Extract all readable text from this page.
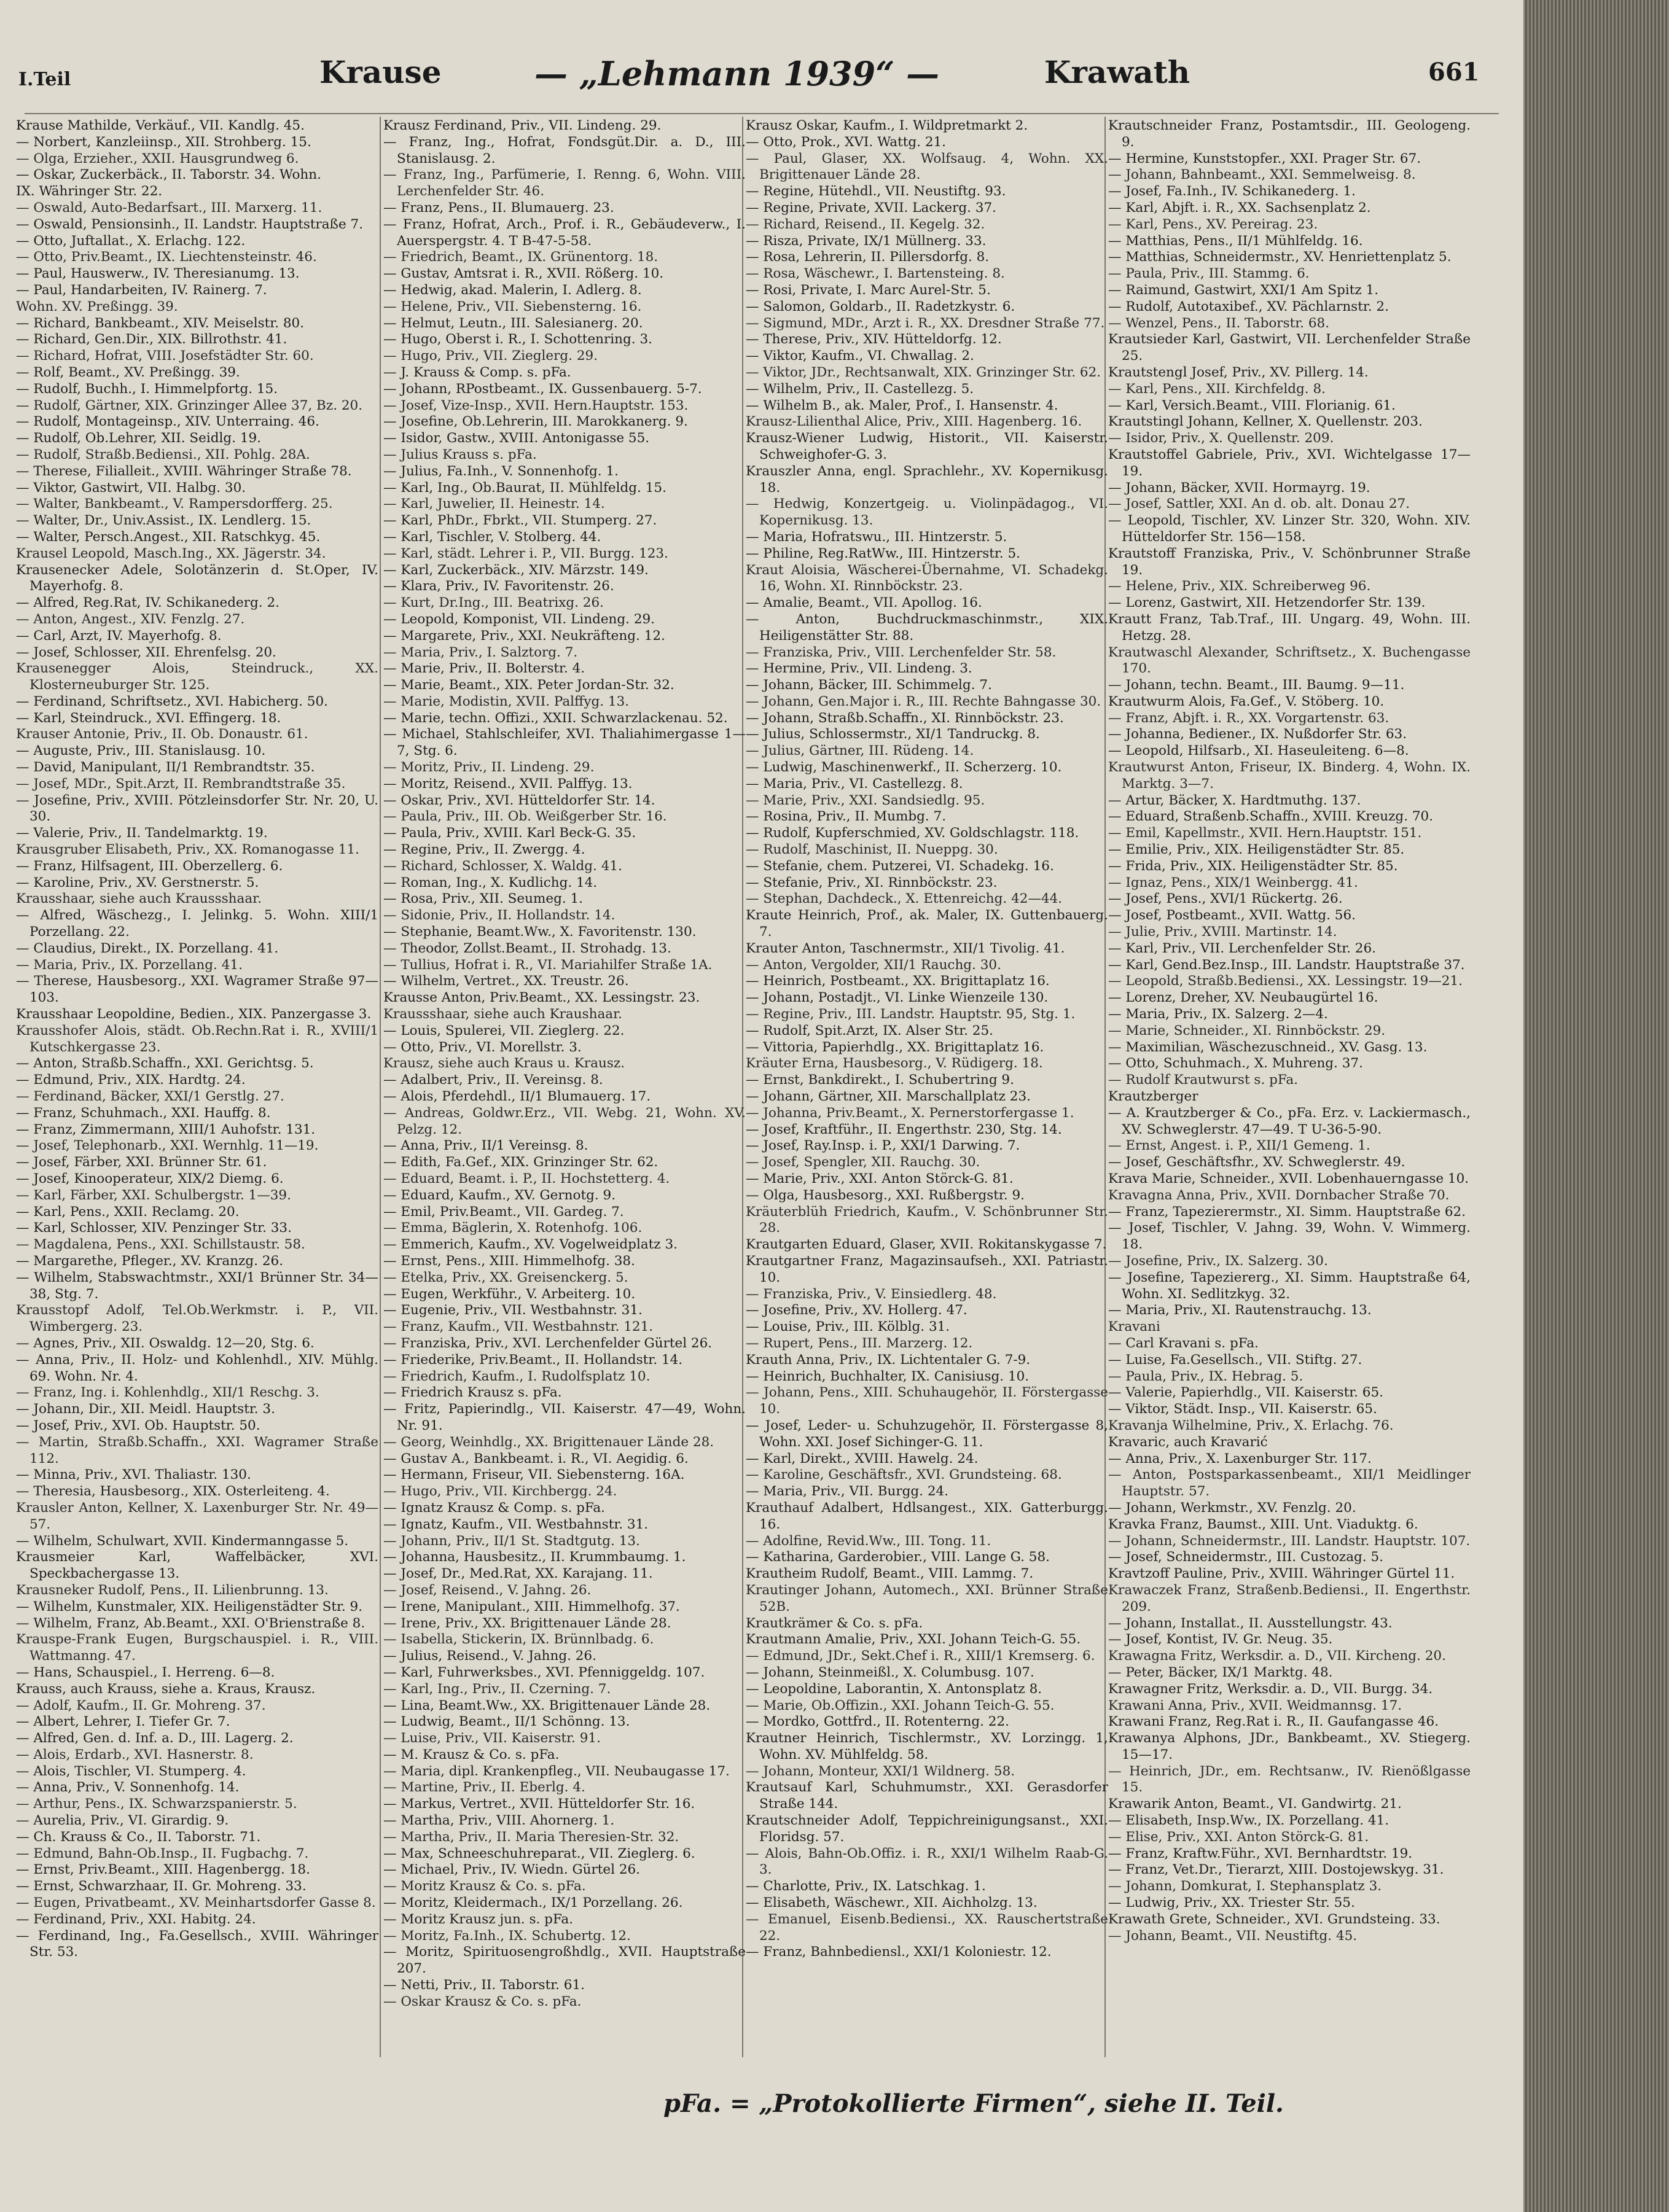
I.Teil	Krause	— „Lehmann 1939“ —	Krawath	661
Krause Mathilde, Verkäuf., VII. Kandlg. 45.
— Norbert, Kanzleiinsp., XII. Strohberg. 15.
— Olga, Erzieher., XXII. Hausgrundweg 6.
— Oskar, Zuckerbäck., II. Taborstr. 34. Wohn.
IX. Währinger Str. 22.
— Oswald, Auto-Bedarfsart., III. Marxerg. 11.
— Oswald, Pensionsinh., II. Landstr. Hauptstraße 7.
— Otto, Juftallat., X. Erlachg. 122.
— Otto, Priv.Beamt., IX. Liechtensteinstr. 46.
— Paul, Hauswerw., IV. Theresianumg. 13.
— Paul, Handarbeiten, IV. Rainerg. 7.
Wohn. XV. Preßingg. 39.
— Richard, Bankbeamt., XIV. Meiselstr. 80.
— Richard, Gen.Dir., XIX. Billrothstr. 41.
— Richard, Hofrat, VIII. Josefstädter Str. 60.
— Rolf, Beamt., XV. Preßingg. 39.
— Rudolf, Buchh., I. Himmelpfortg. 15.
— Rudolf, Gärtner, XIX. Grinzinger Allee 37, Bz. 20.
— Rudolf, Montageinsp., XIV. Unterraing. 46.
— Rudolf, Ob.Lehrer, XII. Seidlg. 19.
— Rudolf, Straßb.Bediensi., XII. Pohlg. 28A.
— Therese, Filialleit., XVIII. Währinger Straße 78.
— Viktor, Gastwirt, VII. Halbg. 30.
— Walter, Bankbeamt., V. Rampersdorfferg. 25.
— Walter, Dr., Univ.Assist., IX. Lendlerg. 15.
— Walter, Persch.Angest., XII. Ratschkyg. 45.
Krausel Leopold, Masch.Ing., XX. Jägerstr. 34.
Krausenecker Adele, Solotänzerin d. St.Oper, IV. Mayerhofg. 8.
— Alfred, Reg.Rat, IV. Schikanederg. 2.
— Anton, Angest., XIV. Fenzlg. 27.
— Carl, Arzt, IV. Mayerhofg. 8.
— Josef, Schlosser, XII. Ehrenfelsg. 20.
Krausenegger Alois, Steindruck., XX. Klosterneuburger Str. 125.
— Ferdinand, Schriftsetz., XVI. Habicherg. 50.
— Karl, Steindruck., XVI. Effingerg. 18.
Krauser Antonie, Priv., II. Ob. Donaustr. 61.
— Auguste, Priv., III. Stanislausg. 10.
— David, Manipulant, II/1 Rembrandtstr. 35.
— Josef, MDr., Spit.Arzt, II. Rembrandtstraße 35.
— Josefine, Priv., XVIII. Pötzleinsdorfer Str. Nr. 20, U. 30.
— Valerie, Priv., II. Tandelmarktg. 19.
Krausgruber Elisabeth, Priv., XX. Romanogasse 11.
— Franz, Hilfsagent, III. Oberzellerg. 6.
— Karoline, Priv., XV. Gerstnerstr. 5.
Krausshaar, siehe auch Kraussshaar.
— Alfred, Wäschezg., I. Jelinkg. 5. Wohn. XIII/1 Porzellang. 22.
— Claudius, Direkt., IX. Porzellang. 41.
— Maria, Priv., IX. Porzellang. 41.
— Therese, Hausbesorg., XXI. Wagramer Straße 97—103.
Krausshaar Leopoldine, Bedien., XIX. Panzergasse 3.
Krausshofer Alois, städt. Ob.Rechn.Rat i. R., XVIII/1 Kutschkergasse 23.
— Anton, Straßb.Schaffn., XXI. Gerichtsg. 5.
— Edmund, Priv., XIX. Hardtg. 24.
— Ferdinand, Bäcker, XXI/1 Gerstlg. 27.
— Franz, Schuhmach., XXI. Hauffg. 8.
— Franz, Zimmermann, XIII/1 Auhofstr. 131.
— Josef, Telephonarb., XXI. Wernhlg. 11—19.
— Josef, Färber, XXI. Brünner Str. 61.
— Josef, Kinooperateur, XIX/2 Diemg. 6.
— Karl, Färber, XXI. Schulbergstr. 1—39.
— Karl, Pens., XXII. Reclamg. 20.
— Karl, Schlosser, XIV. Penzinger Str. 33.
— Magdalena, Pens., XXI. Schillstaustr. 58.
— Margarethe, Pfleger., XV. Kranzg. 26.
— Wilhelm, Stabswachtmstr., XXI/1 Brünner Str. 34—38, Stg. 7.
Krausstopf Adolf, Tel.Ob.Werkmstr. i. P., VII. Wimbergerg. 23.
— Agnes, Priv., XII. Oswaldg. 12—20, Stg. 6.
— Anna, Priv., II. Holz- und Kohlenhdl., XIV. Mühlg. 69. Wohn. Nr. 4.
— Franz, Ing. i. Kohlenhdlg., XII/1 Reschg. 3.
— Johann, Dir., XII. Meidl. Hauptstr. 3.
— Josef, Priv., XVI. Ob. Hauptstr. 50.
— Martin, Straßb.Schaffn., XXI. Wagramer Straße 112.
— Minna, Priv., XVI. Thaliastr. 130.
— Theresia, Hausbesorg., XIX. Osterleiteng. 4.
Krausler Anton, Kellner, X. Laxenburger Str. Nr. 49—57.
— Wilhelm, Schulwart, XVII. Kindermanngasse 5.
Krausmeier Karl, Waffelbäcker, XVI. Speckbachergasse 13.
Krausneker Rudolf, Pens., II. Lilienbrunng. 13.
— Wilhelm, Kunstmaler, XIX. Heiligenstädter Str. 9.
— Wilhelm, Franz, Ab.Beamt., XXI. O'Brienstraße 8.
Krauspe-Frank Eugen, Burgschauspiel. i. R., VIII. Wattmanng. 47.
— Hans, Schauspiel., I. Herreng. 6—8.
Krauss, auch Krauss, siehe a. Kraus, Krausz.
— Adolf, Kaufm., II. Gr. Mohreng. 37.
— Albert, Lehrer, I. Tiefer Gr. 7.
— Alfred, Gen. d. Inf. a. D., III. Lagerg. 2.
— Alois, Erdarb., XVI. Hasnerstr. 8.
— Alois, Tischler, VI. Stumperg. 4.
— Anna, Priv., V. Sonnenhofg. 14.
— Arthur, Pens., IX. Schwarzspanierstr. 5.
— Aurelia, Priv., VI. Girardig. 9.
— Ch. Krauss & Co., II. Taborstr. 71.
— Edmund, Bahn-Ob.Insp., II. Fugbachg. 7.
— Ernst, Priv.Beamt., XIII. Hagenbergg. 18.
— Ernst, Schwarzhaar, II. Gr. Mohreng. 33.
— Eugen, Privatbeamt., XV. Meinhartsdorfer Gasse 8.
— Ferdinand, Priv., XXI. Habitg. 24.
— Ferdinand, Ing., Fa.Gesellsch., XVIII. Währinger Str. 53.
Krausz Ferdinand, Priv., VII. Lindeng. 29.
— Franz, Ing., Hofrat, Fondsgüt.Dir. a. D., III. Stanislausg. 2.
— Franz, Ing., Parfümerie, I. Renng. 6, Wohn. VIII. Lerchenfelder Str. 46.
— Franz, Pens., II. Blumauerg. 23.
— Franz, Hofrat, Arch., Prof. i. R., Gebäudeverw., I. Auerspergstr. 4. T B-47-5-58.
— Friedrich, Beamt., IX. Grünentorg. 18.
— Gustav, Amtsrat i. R., XVII. Rößerg. 10.
— Hedwig, akad. Malerin, I. Adlerg. 8.
— Helene, Priv., VII. Siebensterng. 16.
— Helmut, Leutn., III. Salesianerg. 20.
— Hugo, Oberst i. R., I. Schottenring. 3.
— Hugo, Priv., VII. Zieglerg. 29.
— J. Krauss & Comp. s. pFa.
— Johann, RPostbeamt., IX. Gussenbauerg. 5-7.
— Josef, Vize-Insp., XVII. Hern.Hauptstr. 153.
— Josefine, Ob.Lehrerin, III. Marokkanerg. 9.
— Isidor, Gastw., XVIII. Antonigasse 55.
— Julius Krauss s. pFa.
— Julius, Fa.Inh., V. Sonnenhofg. 1.
— Karl, Ing., Ob.Baurat, II. Mühlfeldg. 15.
— Karl, Juwelier, II. Heinestr. 14.
— Karl, PhDr., Fbrkt., VII. Stumperg. 27.
— Karl, Tischler, V. Stolberg. 44.
— Karl, städt. Lehrer i. P., VII. Burgg. 123.
— Karl, Zuckerbäck., XIV. Märzstr. 149.
— Klara, Priv., IV. Favoritenstr. 26.
— Kurt, Dr.Ing., III. Beatrixg. 26.
— Leopold, Komponist, VII. Lindeng. 29.
— Margarete, Priv., XXI. Neukräfteng. 12.
— Maria, Priv., I. Salztorg. 7.
— Marie, Priv., II. Bolterstr. 4.
— Marie, Beamt., XIX. Peter Jordan-Str. 32.
— Marie, Modistin, XVII. Palffyg. 13.
— Marie, techn. Offizi., XXII. Schwarzlackenau. 52.
— Michael, Stahlschleifer, XVI. Thaliahimergasse 1—7, Stg. 6.
— Moritz, Priv., II. Lindeng. 29.
— Moritz, Reisend., XVII. Palffyg. 13.
— Oskar, Priv., XVI. Hütteldorfer Str. 14.
— Paula, Priv., III. Ob. Weißgerber Str. 16.
— Paula, Priv., XVIII. Karl Beck-G. 35.
— Regine, Priv., II. Zwergg. 4.
— Richard, Schlosser, X. Waldg. 41.
— Roman, Ing., X. Kudlichg. 14.
— Rosa, Priv., XII. Seumeg. 1.
— Sidonie, Priv., II. Hollandstr. 14.
— Stephanie, Beamt.Ww., X. Favoritenstr. 130.
— Theodor, Zollst.Beamt., II. Strohadg. 13.
— Tullius, Hofrat i. R., VI. Mariahilfer Straße 1A.
— Wilhelm, Vertret., XX. Treustr. 26.
Krausse Anton, Priv.Beamt., XX. Lessingstr. 23.
Kraussshaar, siehe auch Kraushaar.
— Louis, Spulerei, VII. Zieglerg. 22.
— Otto, Priv., VI. Morellstr. 3.
Krausz, siehe auch Kraus u. Krausz.
— Adalbert, Priv., II. Vereinsg. 8.
— Alois, Pferdehdl., II/1 Blumauerg. 17.
— Andreas, Goldwr.Erz., VII. Webg. 21, Wohn. XV. Pelzg. 12.
— Anna, Priv., II/1 Vereinsg. 8.
— Edith, Fa.Gef., XIX. Grinzinger Str. 62.
— Eduard, Beamt. i. P., II. Hochstetterg. 4.
— Eduard, Kaufm., XV. Gernotg. 9.
— Emil, Priv.Beamt., VII. Gardeg. 7.
— Emma, Bäglerin, X. Rotenhofg. 106.
— Emmerich, Kaufm., XV. Vogelweidplatz 3.
— Ernst, Pens., XIII. Himmelhofg. 38.
— Etelka, Priv., XX. Greisenckerg. 5.
— Eugen, Werkführ., V. Arbeiterg. 10.
— Eugenie, Priv., VII. Westbahnstr. 31.
— Franz, Kaufm., VII. Westbahnstr. 121.
— Franziska, Priv., XVI. Lerchenfelder Gürtel 26.
— Friederike, Priv.Beamt., II. Hollandstr. 14.
— Friedrich, Kaufm., I. Rudolfsplatz 10.
— Friedrich Krausz s. pFa.
— Fritz, Papierindlg., VII. Kaiserstr. 47—49, Wohn. Nr. 91.
— Georg, Weinhdlg., XX. Brigittenauer Lände 28.
— Gustav A., Bankbeamt. i. R., VI. Aegidig. 6.
— Hermann, Friseur, VII. Siebensterng. 16A.
— Hugo, Priv., VII. Kirchbergg. 24.
— Ignatz Krausz & Comp. s. pFa.
— Ignatz, Kaufm., VII. Westbahnstr. 31.
— Johann, Priv., II/1 St. Stadtgutg. 13.
— Johanna, Hausbesitz., II. Krummbaumg. 1.
— Josef, Dr., Med.Rat, XX. Karajang. 11.
— Josef, Reisend., V. Jahng. 26.
— Irene, Manipulant., XIII. Himmelhofg. 37.
— Irene, Priv., XX. Brigittenauer Lände 28.
— Isabella, Stickerin, IX. Brünnlbadg. 6.
— Julius, Reisend., V. Jahng. 26.
— Karl, Fuhrwerksbes., XVI. Pfenniggeldg. 107.
— Karl, Ing., Priv., II. Czerning. 7.
— Lina, Beamt.Ww., XX. Brigittenauer Lände 28.
— Ludwig, Beamt., II/1 Schönng. 13.
— Luise, Priv., VII. Kaiserstr. 91.
— M. Krausz & Co. s. pFa.
— Maria, dipl. Krankenpfleg., VII. Neubaugasse 17.
— Martine, Priv., II. Eberlg. 4.
— Markus, Vertret., XVII. Hütteldorfer Str. 16.
— Martha, Priv., VIII. Ahornerg. 1.
— Martha, Priv., II. Maria Theresien-Str. 32.
— Max, Schneeschuhreparat., VII. Zieglerg. 6.
— Michael, Priv., IV. Wiedn. Gürtel 26.
— Moritz Krausz & Co. s. pFa.
— Moritz, Kleidermach., IX/1 Porzellang. 26.
— Moritz Krausz jun. s. pFa.
— Moritz, Fa.Inh., IX. Schubertg. 12.
— Moritz, Spirituosengroßhdlg., XVII. Hauptstraße 207.
— Netti, Priv., II. Taborstr. 61.
— Oskar Krausz & Co. s. pFa.
Krausz Oskar, Kaufm., I. Wildpretmarkt 2.
— Otto, Prok., XVI. Wattg. 21.
— Paul, Glaser, XX. Wolfsaug. 4, Wohn. XX. Brigittenauer Lände 28.
— Regine, Hütehdl., VII. Neustiftg. 93.
— Regine, Private, XVII. Lackerg. 37.
— Richard, Reisend., II. Kegelg. 32.
— Risza, Private, IX/1 Müllnerg. 33.
— Rosa, Lehrerin, II. Pillersdorfg. 8.
— Rosa, Wäschewr., I. Bartensteing. 8.
— Rosi, Private, I. Marc Aurel-Str. 5.
— Salomon, Goldarb., II. Radetzkystr. 6.
— Sigmund, MDr., Arzt i. R., XX. Dresdner Straße 77.
— Therese, Priv., XIV. Hütteldorfg. 12.
— Viktor, Kaufm., VI. Chwallag. 2.
— Viktor, JDr., Rechtsanwalt, XIX. Grinzinger Str. 62.
— Wilhelm, Priv., II. Castellezg. 5.
— Wilhelm B., ak. Maler, Prof., I. Hansenstr. 4.
Krausz-Lilienthal Alice, Priv., XIII. Hagenberg. 16.
Krausz-Wiener Ludwig, Historit., VII. Kaiserstr. Schweighofer-G. 3.
Krauszler Anna, engl. Sprachlehr., XV. Kopernikusg. 18.
— Hedwig, Konzertgeig. u. Violinpädagog., VI. Kopernikusg. 13.
— Maria, Hofratswu., III. Hintzerstr. 5.
— Philine, Reg.RatWw., III. Hintzerstr. 5.
Kraut Aloisia, Wäscherei-Übernahme, VI. Schadekg. 16, Wohn. XI. Rinnböckstr. 23.
— Amalie, Beamt., VII. Apollog. 16.
— Anton, Buchdruckmaschinmstr., XIX. Heiligenstätter Str. 88.
— Franziska, Priv., VIII. Lerchenfelder Str. 58.
— Hermine, Priv., VII. Lindeng. 3.
— Johann, Bäcker, III. Schimmelg. 7.
— Johann, Gen.Major i. R., III. Rechte Bahngasse 30.
— Johann, Straßb.Schaffn., XI. Rinnböckstr. 23.
— Julius, Schlossermstr., XI/1 Tandruckg. 8.
— Julius, Gärtner, III. Rüdeng. 14.
— Ludwig, Maschinenwerkf., II. Scherzerg. 10.
— Maria, Priv., VI. Castellezg. 8.
— Marie, Priv., XXI. Sandsiedlg. 95.
— Rosina, Priv., II. Mumbg. 7.
— Rudolf, Kupferschmied, XV. Goldschlagstr. 118.
— Rudolf, Maschinist, II. Nueppg. 30.
— Stefanie, chem. Putzerei, VI. Schadekg. 16.
— Stefanie, Priv., XI. Rinnböckstr. 23.
— Stephan, Dachdeck., X. Ettenreichg. 42—44.
Kraute Heinrich, Prof., ak. Maler, IX. Guttenbauerg. 7.
Krauter Anton, Taschnermstr., XII/1 Tivolig. 41.
— Anton, Vergolder, XII/1 Rauchg. 30.
— Heinrich, Postbeamt., XX. Brigittaplatz 16.
— Johann, Postadjt., VI. Linke Wienzeile 130.
— Regine, Priv., III. Landstr. Hauptstr. 95, Stg. 1.
— Rudolf, Spit.Arzt, IX. Alser Str. 25.
— Vittoria, Papierhdlg., XX. Brigittaplatz 16.
Kräuter Erna, Hausbesorg., V. Rüdigerg. 18.
— Ernst, Bankdirekt., I. Schubertring 9.
— Johann, Gärtner, XII. Marschallplatz 23.
— Johanna, Priv.Beamt., X. Pernerstorfergasse 1.
— Josef, Kraftführ., II. Engerthstr. 230, Stg. 14.
— Josef, Ray.Insp. i. P., XXI/1 Darwing. 7.
— Josef, Spengler, XII. Rauchg. 30.
— Marie, Priv., XXI. Anton Störck-G. 81.
— Olga, Hausbesorg., XXI. Rußbergstr. 9.
Kräuterblüh Friedrich, Kaufm., V. Schönbrunner Str. 28.
Krautgarten Eduard, Glaser, XVII. Rokitanskygasse 7.
Krautgartner Franz, Magazinsaufseh., XXI. Patriastr. 10.
— Franziska, Priv., V. Einsiedlerg. 48.
— Josefine, Priv., XV. Hollerg. 47.
— Louise, Priv., III. Kölblg. 31.
— Rupert, Pens., III. Marzerg. 12.
Krauth Anna, Priv., IX. Lichtentaler G. 7-9.
— Heinrich, Buchhalter, IX. Canisiusg. 10.
— Johann, Pens., XIII. Schuhaugehör, II. Förstergasse 10.
— Josef, Leder- u. Schuhzugehör, II. Förstergasse 8, Wohn. XXI. Josef Sichinger-G. 11.
— Karl, Direkt., XVIII. Hawelg. 24.
— Karoline, Geschäftsfr., XVI. Grundsteing. 68.
— Maria, Priv., VII. Burgg. 24.
Krauthauf Adalbert, Hdlsangest., XIX. Gatterburgg. 16.
— Adolfine, Revid.Ww., III. Tong. 11.
— Katharina, Garderobier., VIII. Lange G. 58.
Krautheim Rudolf, Beamt., VIII. Lammg. 7.
Krautinger Johann, Automech., XXI. Brünner Straße 52B.
Krautkrämer & Co. s. pFa.
Krautmann Amalie, Priv., XXI. Johann Teich-G. 55.
— Edmund, JDr., Sekt.Chef i. R., XIII/1 Kremserg. 6.
— Johann, Steinmeißl., X. Columbusg. 107.
— Leopoldine, Laborantin, X. Antonsplatz 8.
— Marie, Ob.Offizin., XXI. Johann Teich-G. 55.
— Mordko, Gottfrd., II. Rotenterng. 22.
Krautner Heinrich, Tischlermstr., XV. Lorzingg. 1, Wohn. XV. Mühlfeldg. 58.
— Johann, Monteur, XXI/1 Wildnerg. 58.
Krautsauf Karl, Schuhmumstr., XXI. Gerasdorfer Straße 144.
Krautschneider Adolf, Teppichreinigungsanst., XXI. Floridsg. 57.
— Alois, Bahn-Ob.Offiz. i. R., XXI/1 Wilhelm Raab-G. 3.
— Charlotte, Priv., IX. Latschkag. 1.
— Elisabeth, Wäschewr., XII. Aichholzg. 13.
— Emanuel, Eisenb.Bediensi., XX. Rauschertstraße 22.
— Franz, Bahnbediensl., XXI/1 Koloniestr. 12.
Krautschneider Franz, Postamtsdir., III. Geologeng. 9.
— Hermine, Kunststopfer., XXI. Prager Str. 67.
— Johann, Bahnbeamt., XXI. Semmelweisg. 8.
— Josef, Fa.Inh., IV. Schikanederg. 1.
— Karl, Abjft. i. R., XX. Sachsenplatz 2.
— Karl, Pens., XV. Pereirag. 23.
— Matthias, Pens., II/1 Mühlfeldg. 16.
— Matthias, Schneidermstr., XV. Henriettenplatz 5.
— Paula, Priv., III. Stammg. 6.
— Raimund, Gastwirt, XXI/1 Am Spitz 1.
— Rudolf, Autotaxibef., XV. Pächlarnstr. 2.
— Wenzel, Pens., II. Taborstr. 68.
Krautsieder Karl, Gastwirt, VII. Lerchenfelder Straße 25.
Krautstengl Josef, Priv., XV. Pillerg. 14.
— Karl, Pens., XII. Kirchfeldg. 8.
— Karl, Versich.Beamt., VIII. Florianig. 61.
Krautstingl Johann, Kellner, X. Quellenstr. 203.
— Isidor, Priv., X. Quellenstr. 209.
Krautstoffel Gabriele, Priv., XVI. Wichtelgasse 17—19.
— Johann, Bäcker, XVII. Hormayrg. 19.
— Josef, Sattler, XXI. An d. ob. alt. Donau 27.
— Leopold, Tischler, XV. Linzer Str. 320, Wohn. XIV. Hütteldorfer Str. 156—158.
Krautstoff Franziska, Priv., V. Schönbrunner Straße 19.
— Helene, Priv., XIX. Schreiberweg 96.
— Lorenz, Gastwirt, XII. Hetzendorfer Str. 139.
Krautt Franz, Tab.Traf., III. Ungarg. 49, Wohn. III. Hetzg. 28.
Krautwaschl Alexander, Schriftsetz., X. Buchengasse 170.
— Johann, techn. Beamt., III. Baumg. 9—11.
Krautwurm Alois, Fa.Gef., V. Stöberg. 10.
— Franz, Abjft. i. R., XX. Vorgartenstr. 63.
— Johanna, Bediener., IX. Nußdorfer Str. 63.
— Leopold, Hilfsarb., XI. Haseuleiteng. 6—8.
Krautwurst Anton, Friseur, IX. Binderg. 4, Wohn. IX. Marktg. 3—7.
— Artur, Bäcker, X. Hardtmuthg. 137.
— Eduard, Straßenb.Schaffn., XVIII. Kreuzg. 70.
— Emil, Kapellmstr., XVII. Hern.Hauptstr. 151.
— Emilie, Priv., XIX. Heiligenstädter Str. 85.
— Frida, Priv., XIX. Heiligenstädter Str. 85.
— Ignaz, Pens., XIX/1 Weinbergg. 41.
— Josef, Pens., XVI/1 Rückertg. 26.
— Josef, Postbeamt., XVII. Wattg. 56.
— Julie, Priv., XVIII. Martinstr. 14.
— Karl, Priv., VII. Lerchenfelder Str. 26.
— Karl, Gend.Bez.Insp., III. Landstr. Hauptstraße 37.
— Leopold, Straßb.Bediensi., XX. Lessingstr. 19—21.
— Lorenz, Dreher, XV. Neubaugürtel 16.
— Maria, Priv., IX. Salzerg. 2—4.
— Marie, Schneider., XI. Rinnböckstr. 29.
— Maximilian, Wäschezuschneid., XV. Gasg. 13.
— Otto, Schuhmach., X. Muhreng. 37.
— Rudolf Krautwurst s. pFa.
Krautzberger
— A. Krautzberger & Co., pFa. Erz. v. Lackiermasch., XV. Schweglerstr. 47—49. T U-36-5-90.
— Ernst, Angest. i. P., XII/1 Gemeng. 1.
— Josef, Geschäftsfhr., XV. Schweglerstr. 49.
Krava Marie, Schneider., XVII. Lobenhauerngasse 10.
Kravagna Anna, Priv., XVII. Dornbacher Straße 70.
— Franz, Tapezierermstr., XI. Simm. Hauptstraße 62.
— Josef, Tischler, V. Jahng. 39, Wohn. V. Wimmerg. 18.
— Josefine, Priv., IX. Salzerg. 30.
— Josefine, Tapeziererg., XI. Simm. Hauptstraße 64, Wohn. XI. Sedlitzkyg. 32.
— Maria, Priv., XI. Rautenstrauchg. 13.
Kravani
— Carl Kravani s. pFa.
— Luise, Fa.Gesellsch., VII. Stiftg. 27.
— Paula, Priv., IX. Hebrag. 5.
— Valerie, Papierhdlg., VII. Kaiserstr. 65.
— Viktor, Städt. Insp., VII. Kaiserstr. 65.
Kravanja Wilhelmine, Priv., X. Erlachg. 76.
Kravaric, auch Kravarić
— Anna, Priv., X. Laxenburger Str. 117.
— Anton, Postsparkassenbeamt., XII/1 Meidlinger Hauptstr. 57.
— Johann, Werkmstr., XV. Fenzlg. 20.
Kravka Franz, Baumst., XIII. Unt. Viaduktg. 6.
— Johann, Schneidermstr., III. Landstr. Hauptstr. 107.
— Josef, Schneidermstr., III. Custozag. 5.
Kravtzoff Pauline, Priv., XVIII. Währinger Gürtel 11.
Krawaczek Franz, Straßenb.Bediensi., II. Engerthstr. 209.
— Johann, Installat., II. Ausstellungstr. 43.
— Josef, Kontist, IV. Gr. Neug. 35.
Krawagna Fritz, Werksdir. a. D., VII. Kircheng. 20.
— Peter, Bäcker, IX/1 Marktg. 48.
Krawagner Fritz, Werksdir. a. D., VII. Burgg. 34.
Krawani Anna, Priv., XVII. Weidmannsg. 17.
Krawani Franz, Reg.Rat i. R., II. Gaufangasse 46.
Krawanya Alphons, JDr., Bankbeamt., XV. Stiegerg. 15—17.
— Heinrich, JDr., em. Rechtsanw., IV. Rienößlgasse 15.
Krawarik Anton, Beamt., VI. Gandwirtg. 21.
— Elisabeth, Insp.Ww., IX. Porzellang. 41.
— Elise, Priv., XXI. Anton Störck-G. 81.
— Franz, Kraftw.Führ., XVI. Bernhardtstr. 19.
— Franz, Vet.Dr., Tierarzt, XIII. Dostojewskyg. 31.
— Johann, Domkurat, I. Stephansplatz 3.
— Ludwig, Priv., XX. Triester Str. 55.
Krawath Grete, Schneider., XVI. Grundsteing. 33.
— Johann, Beamt., VII. Neustiftg. 45.
pFa. = „Protokollierte Firmen“, siehe II. Teil.
